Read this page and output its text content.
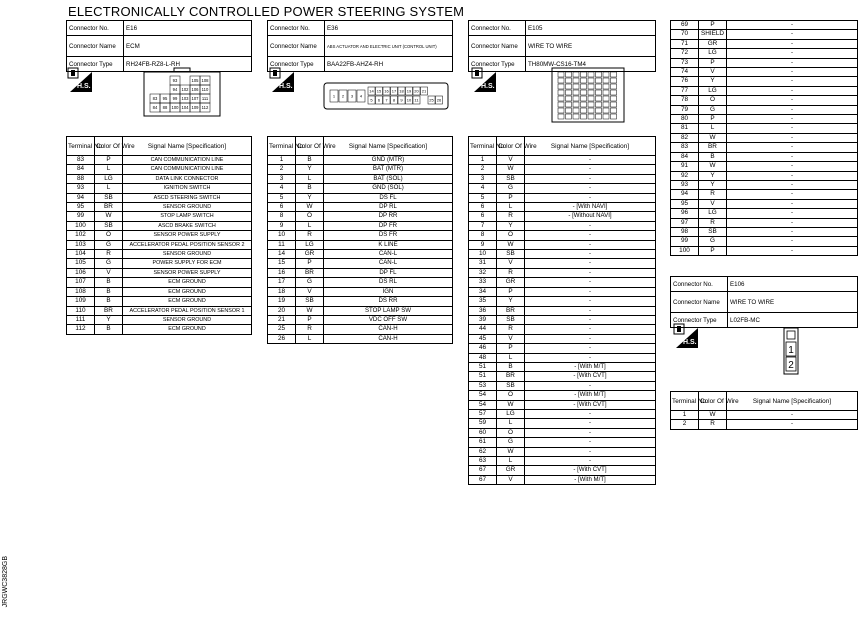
ELECTRONICALLY CONTROLLED POWER STEERING SYSTEM
JRGWC3828GB
Connector No.	E16
Connector Name	ECM
Connector Type	RH24FB-RZ8-L-RH
H.S.
93	105 108
94 102 106 110
83 95 99 103 107 111
84 88 100 104 109 112
Terminal No.	Color Of Wire	Signal Name [Specification]
83	P	CAN COMMUNICATION LINE
84	L	CAN COMMUNICATION LINE
88	LG	DATA LINK CONNECTOR
93	L	IGNITION SWITCH
94	SB	ASCD STEERING SWITCH
95	BR	SENSOR GROUND
99	W	STOP LAMP SWITCH
100	SB	ASCD BRAKE SWITCH
102	O	SENSOR POWER SUPPLY
103	G	ACCELERATOR PEDAL POSITION SENSOR 2
104	R	SENSOR GROUND
105	G	POWER SUPPLY FOR ECM
106	V	SENSOR POWER SUPPLY
107	B	ECM GROUND
108	B	ECM GROUND
109	B	ECM GROUND
110	BR	ACCELERATOR PEDAL POSITION SENSOR 1
111	Y	SENSOR GROUND
112	B	ECM GROUND
Connector No.	E36
Connector Name	ABS ACTUATOR AND ELECTRIC UNIT (CONTROL UNIT)
Connector Type	BAA22FB-AHZ4-RH
H.S.
1 2 3 4
5 6 7 8 9 10 11
14 15 16 17 18 19 20 21
25 26
Terminal No.	Color Of Wire	Signal Name [Specification]
1	B	GND (MTR)
2	Y	BAT (MTR)
3	L	BAT (SOL)
4	B	GND (SOL)
5	Y	DS FL
6	W	DP RL
8	O	DP RR
9	L	DP FR
10	R	DS FR
11	LG	K LINE
14	GR	CAN-L
15	P	CAN-L
16	BR	DP FL
17	G	DS RL
18	V	IGN
19	SB	DS RR
20	W	STOP LAMP SW
21	P	VDC OFF SW
25	R	CAN-H
26	L	CAN-H
Connector No.	E105
Connector Name	WIRE TO WIRE
Connector Type	TH80MW-CS16-TM4
H.S.
Terminal No.	Color Of Wire	Signal Name [Specification]
1	V	-
2	W	-
3	SB	-
4	G	-
5	P	-
6	L	- [With NAVI]
6	R	- [Without NAVI]
7	Y	-
8	O	-
9	W	-
10	SB	-
31	V	-
32	R	-
33	GR	-
34	P	-
35	Y	-
36	BR	-
39	SB	-
44	R	-
45	V	-
46	P	-
48	L	-
51	B	- [With M/T]
51	BR	- [With CVT]
53	SB	-
54	O	- [With M/T]
54	W	- [With CVT]
57	LG	-
59	L	-
60	O	-
61	G	-
62	W	-
63	L	-
67	GR	- [With CVT]
67	V	- [With M/T]
69	P	-
70	SHIELD	-
71	GR	-
72	LG	-
73	P	-
74	V	-
76	Y	-
77	LG	-
78	O	-
79	G	-
80	P	-
81	L	-
82	W	-
83	BR	-
84	B	-
91	W	-
92	Y	-
93	Y	-
94	R	-
95	V	-
96	LG	-
97	R	-
98	SB	-
99	G	-
100	P	-
Connector No.	E106
Connector Name	WIRE TO WIRE
Connector Type	L02FB-MC
H.S.
1
2
Terminal No.	Color Of Wire	Signal Name [Specification]
1	W	-
2	R	-
